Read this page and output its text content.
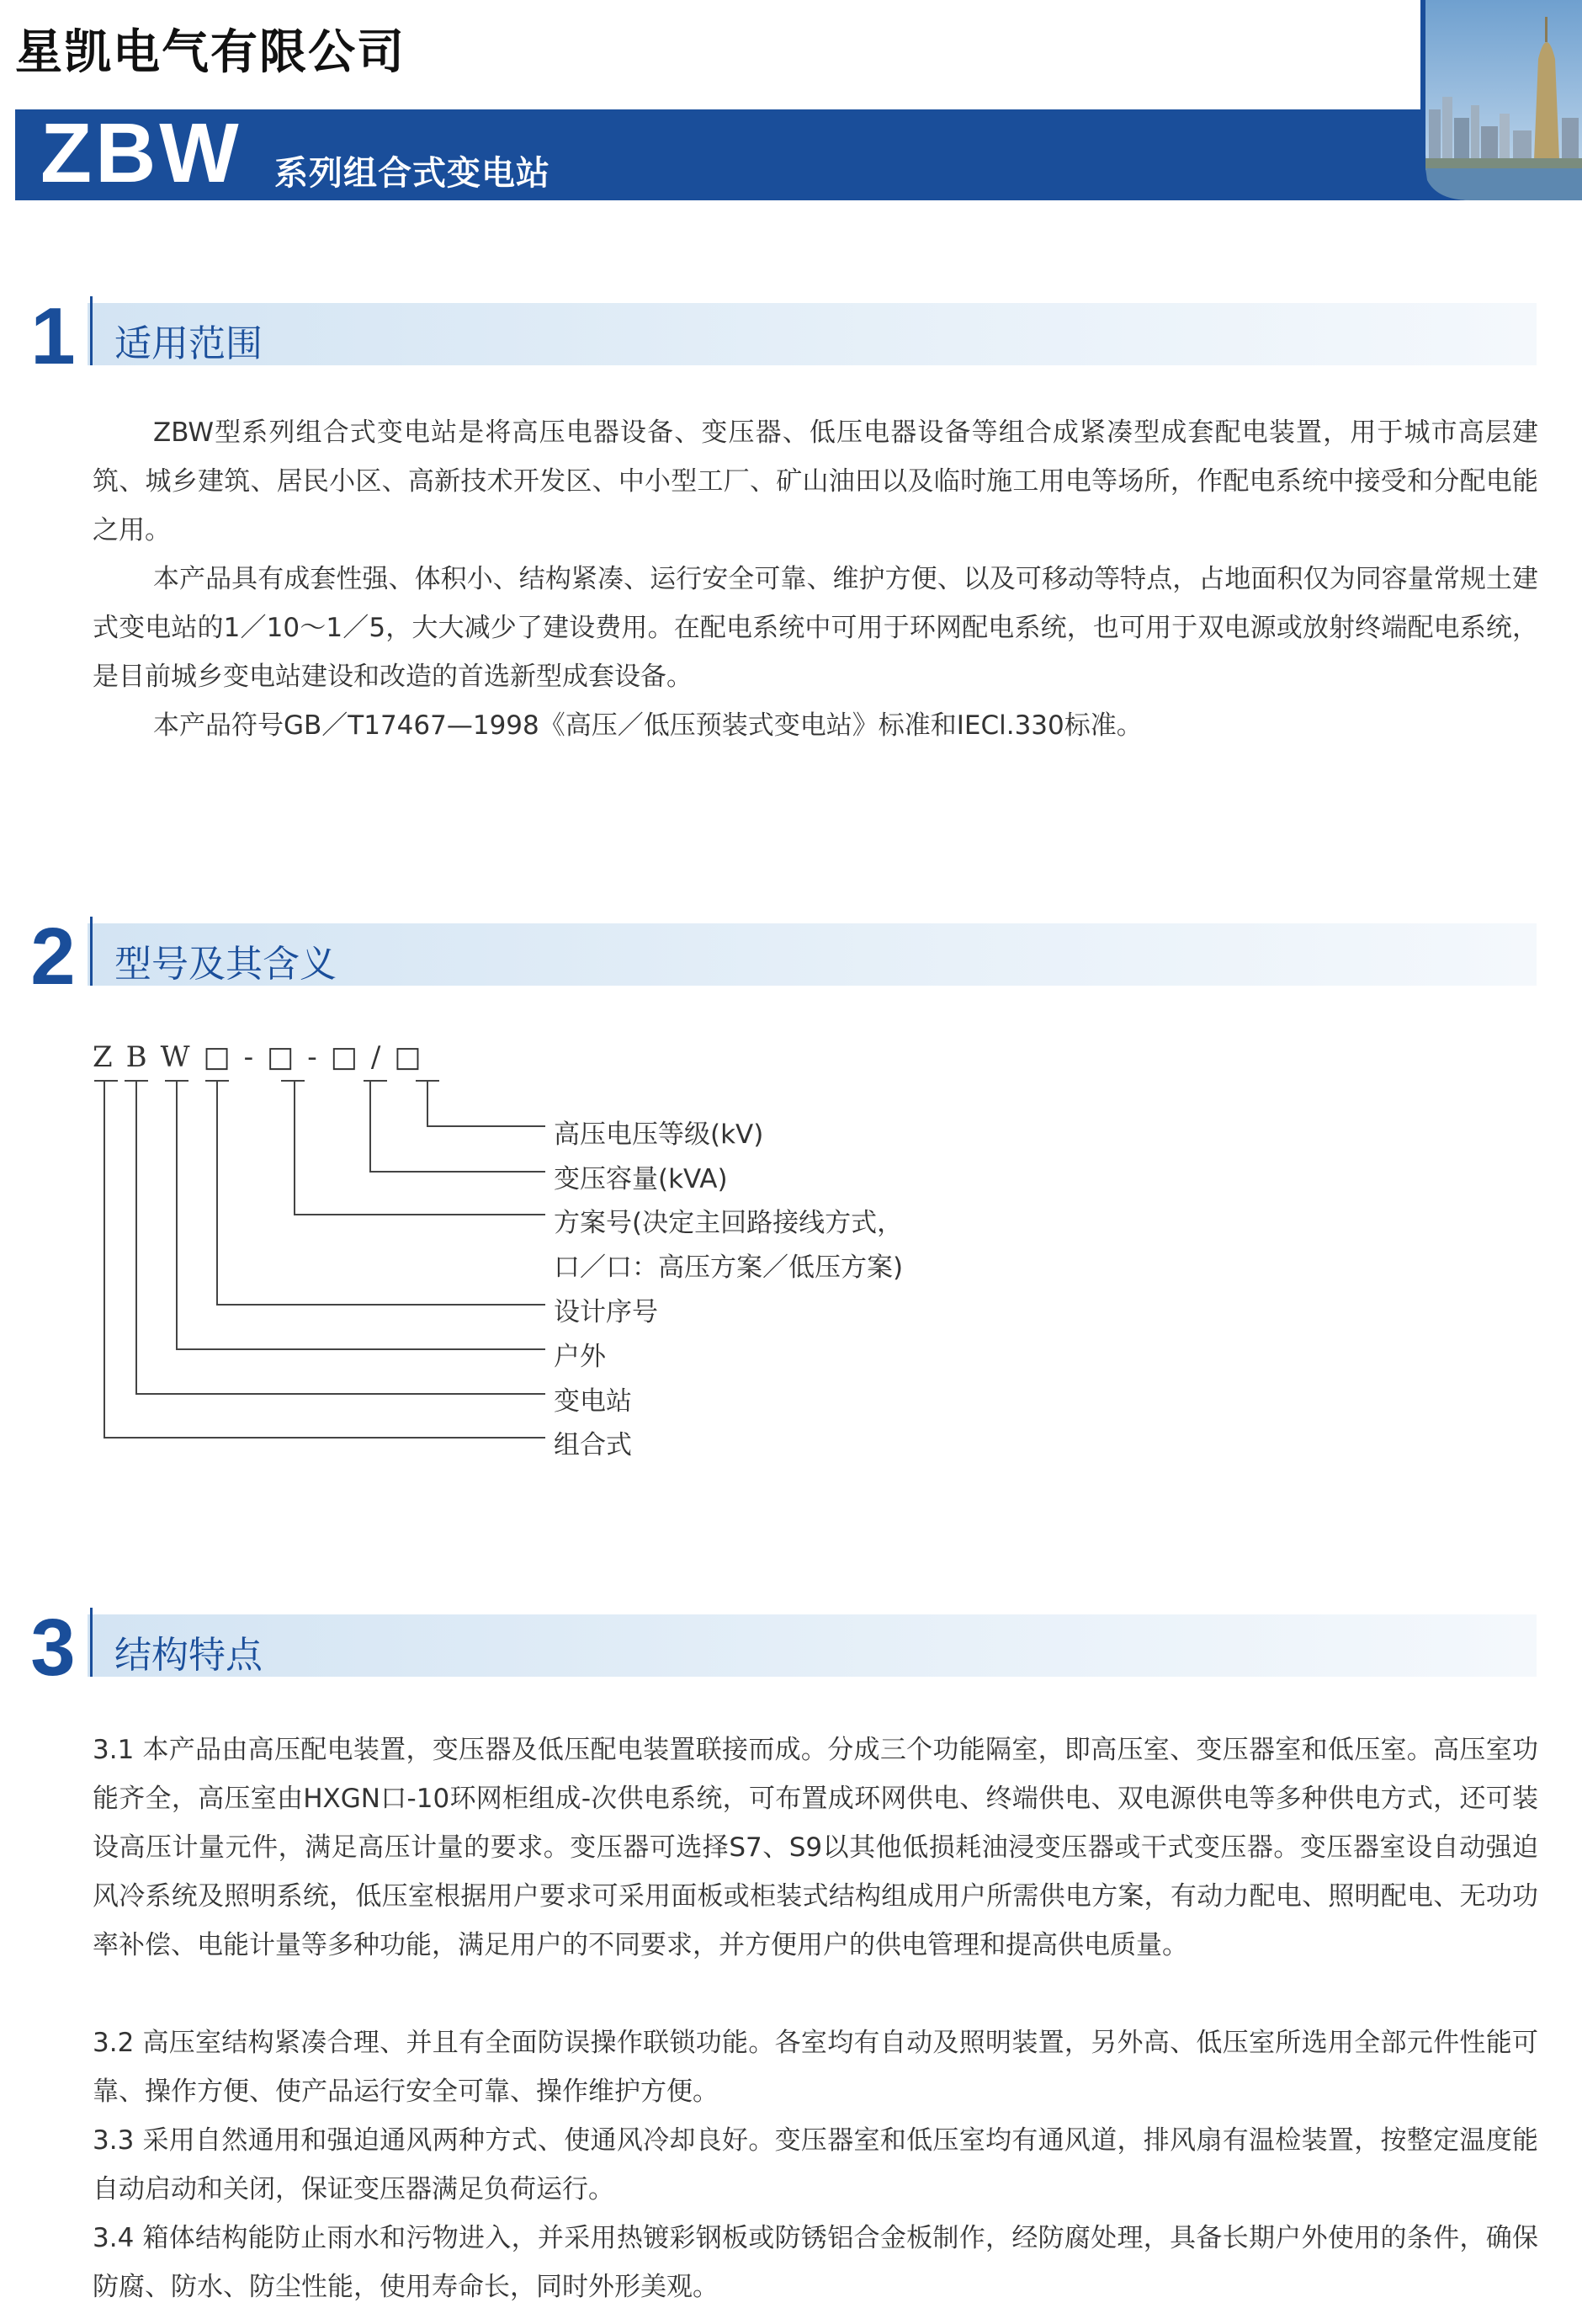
星凯电气有限公司
ZBW 系列组合式变电站
1 适用范围

ZBW型系列组合式变电站是将高压电器设备、变压器、低压电器设备等组合成紧凑型成套配电装置，用于城市高层建筑、城乡建筑、居民小区、高新技术开发区、中小型工厂、矿山油田以及临时施工用电等场所，作配电系统中接受和分配电能之用。

本产品具有成套性强、体积小、结构紧凑、运行安全可靠、维护方便、以及可移动等特点，占地面积仅为同容量常规土建式变电站的1／10～1／5，大大减少了建设费用。在配电系统中可用于环网配电系统，也可用于双电源或放射终端配电系统，是目前城乡变电站建设和改造的首选新型成套设备。

本产品符号GB／T17467—1998《高压／低压预装式变电站》标准和IECl.330标准。

2 型号及其含义
ZBW□-□-□/□
高压电压等级(kV)
变压容量(kVA)
方案号(决定主回路接线方式，
口／口：高压方案／低压方案)
设计序号
户外
变电站
组合式
3 结构特点

3.1 本产品由高压配电装置，变压器及低压配电装置联接而成。分成三个功能隔室，即高压室、变压器室和低压室。高压室功能齐全，高压室由HXGN口-10环网柜组成-次供电系统，可布置成环网供电、终端供电、双电源供电等多种供电方式，还可装设高压计量元件，满足高压计量的要求。变压器可选择S7、S9以其他低损耗油浸变压器或干式变压器。变压器室设自动强迫风冷系统及照明系统，低压室根据用户要求可采用面板或柜装式结构组成用户所需供电方案，有动力配电、照明配电、无功功率补偿、电能计量等多种功能，满足用户的不同要求，并方便用户的供电管理和提高供电质量。

3.2 高压室结构紧凑合理、并且有全面防误操作联锁功能。各室均有自动及照明装置，另外高、低压室所选用全部元件性能可靠、操作方便、使产品运行安全可靠、操作维护方便。

3.3 采用自然通用和强迫通风两种方式、使通风冷却良好。变压器室和低压室均有通风道，排风扇有温检装置，按整定温度能自动启动和关闭，保证变压器满足负荷运行。

3.4 箱体结构能防止雨水和污物进入，并采用热镀彩钢板或防锈铝合金板制作，经防腐处理，具备长期户外使用的条件，确保防腐、防水、防尘性能，使用寿命长，同时外形美观。
